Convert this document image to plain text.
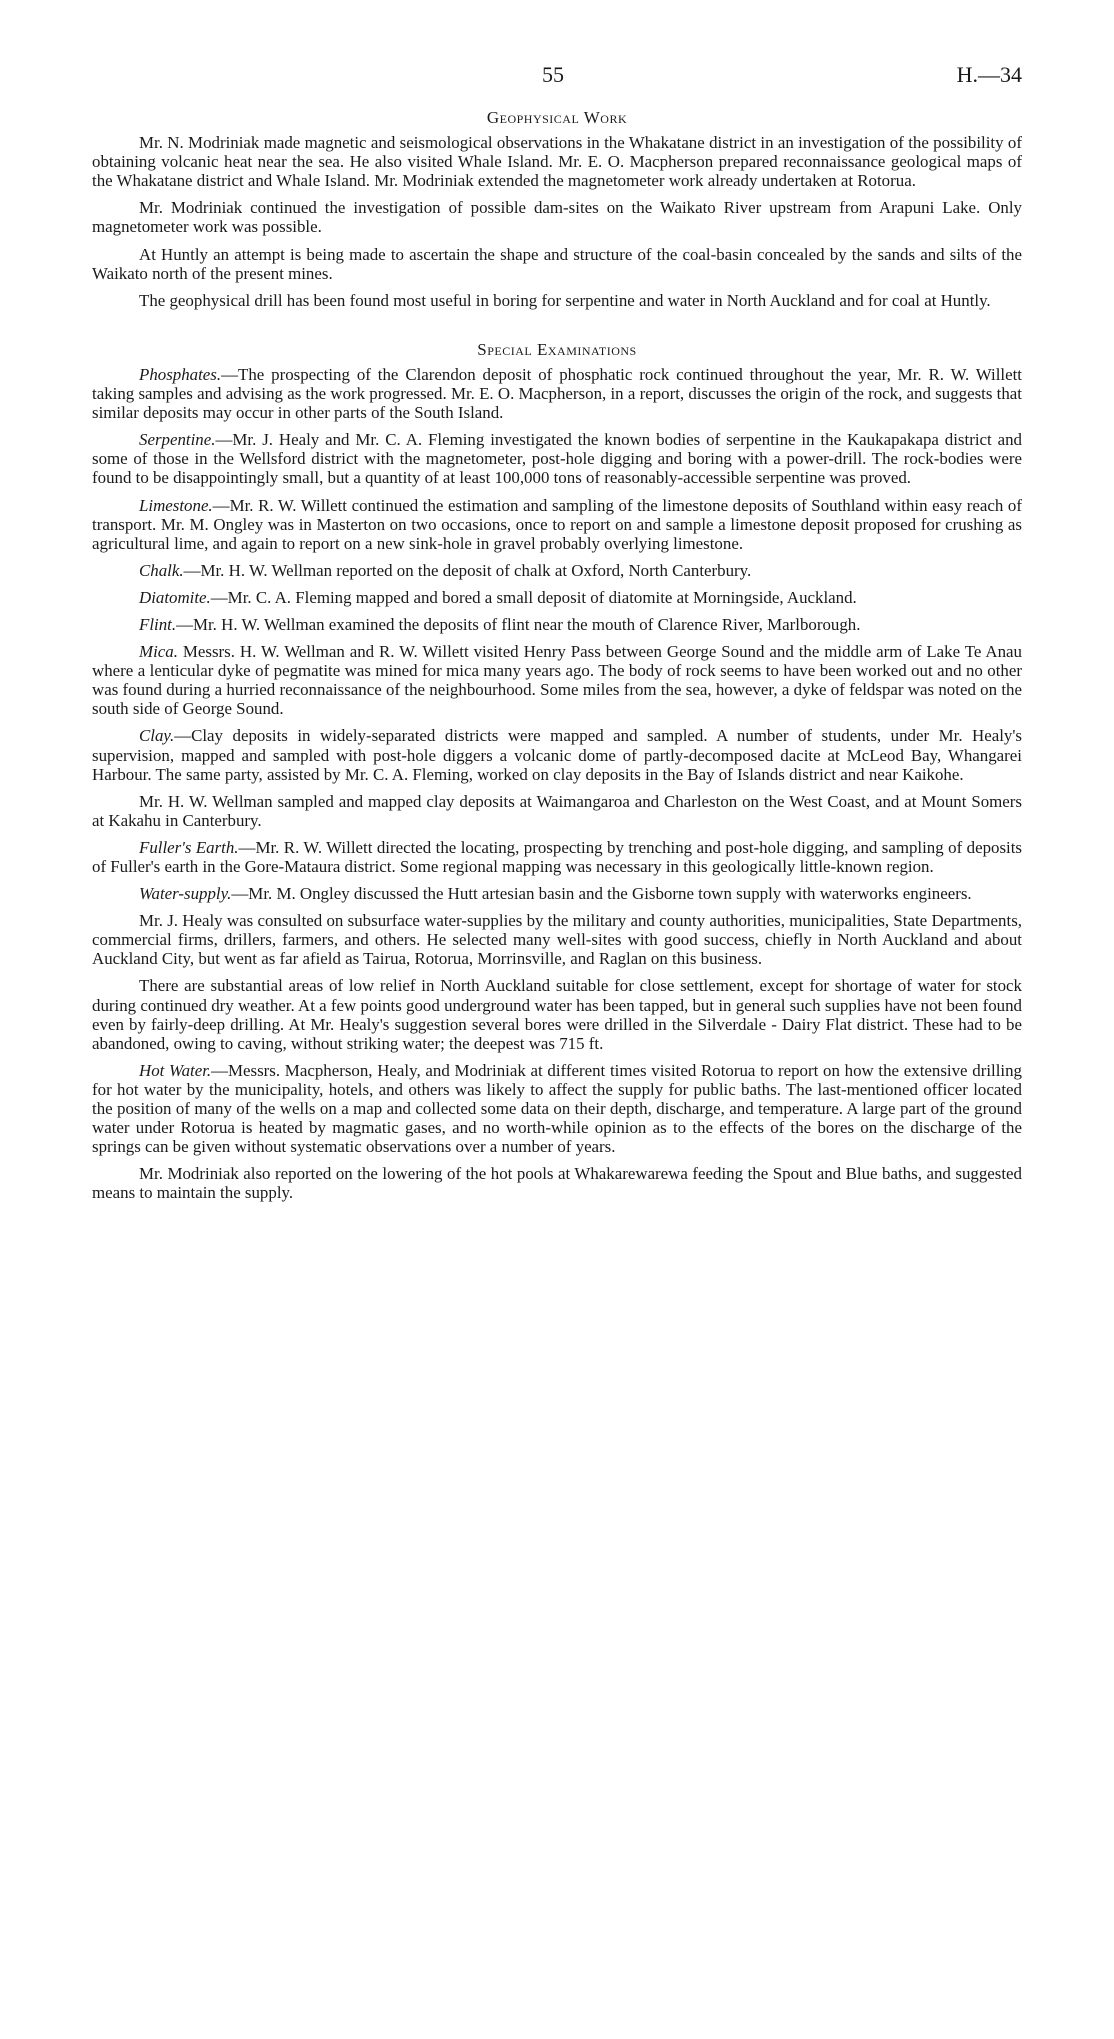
55	H.—34
Geophysical Work

Mr. N. Modriniak made magnetic and seismological observations in the Whakatane district in an investigation of the possibility of obtaining volcanic heat near the sea. He also visited Whale Island. Mr. E. O. Macpherson prepared reconnaissance geological maps of the Whakatane district and Whale Island. Mr. Modriniak extended the magnetometer work already undertaken at Rotorua.

Mr. Modriniak continued the investigation of possible dam-sites on the Waikato River upstream from Arapuni Lake. Only magnetometer work was possible.

At Huntly an attempt is being made to ascertain the shape and structure of the coal-basin concealed by the sands and silts of the Waikato north of the present mines.

The geophysical drill has been found most useful in boring for serpentine and water in North Auckland and for coal at Huntly.

Special Examinations

Phosphates.—The prospecting of the Clarendon deposit of phosphatic rock continued throughout the year, Mr. R. W. Willett taking samples and advising as the work progressed. Mr. E. O. Macpherson, in a report, discusses the origin of the rock, and suggests that similar deposits may occur in other parts of the South Island.

Serpentine.—Mr. J. Healy and Mr. C. A. Fleming investigated the known bodies of serpentine in the Kaukapakapa district and some of those in the Wellsford district with the magnetometer, post-hole digging and boring with a power-drill. The rock-bodies were found to be disappointingly small, but a quantity of at least 100,000 tons of reasonably-accessible serpentine was proved.

Limestone.—Mr. R. W. Willett continued the estimation and sampling of the limestone deposits of Southland within easy reach of transport. Mr. M. Ongley was in Masterton on two occasions, once to report on and sample a limestone deposit proposed for crushing as agricultural lime, and again to report on a new sink-hole in gravel probably overlying limestone.

Chalk.—Mr. H. W. Wellman reported on the deposit of chalk at Oxford, North Canterbury.

Diatomite.—Mr. C. A. Fleming mapped and bored a small deposit of diatomite at Morningside, Auckland.

Flint.—Mr. H. W. Wellman examined the deposits of flint near the mouth of Clarence River, Marlborough.

Mica. Messrs. H. W. Wellman and R. W. Willett visited Henry Pass between George Sound and the middle arm of Lake Te Anau where a lenticular dyke of pegmatite was mined for mica many years ago. The body of rock seems to have been worked out and no other was found during a hurried reconnaissance of the neighbourhood. Some miles from the sea, however, a dyke of feldspar was noted on the south side of George Sound.

Clay.—Clay deposits in widely-separated districts were mapped and sampled. A number of students, under Mr. Healy's supervision, mapped and sampled with post-hole diggers a volcanic dome of partly-decomposed dacite at McLeod Bay, Whangarei Harbour. The same party, assisted by Mr. C. A. Fleming, worked on clay deposits in the Bay of Islands district and near Kaikohe.

Mr. H. W. Wellman sampled and mapped clay deposits at Waimangaroa and Charleston on the West Coast, and at Mount Somers at Kakahu in Canterbury.

Fuller's Earth.—Mr. R. W. Willett directed the locating, prospecting by trenching and post-hole digging, and sampling of deposits of Fuller's earth in the Gore-Mataura district. Some regional mapping was necessary in this geologically little-known region.

Water-supply.—Mr. M. Ongley discussed the Hutt artesian basin and the Gisborne town supply with waterworks engineers.

Mr. J. Healy was consulted on subsurface water-supplies by the military and county authorities, municipalities, State Departments, commercial firms, drillers, farmers, and others. He selected many well-sites with good success, chiefly in North Auckland and about Auckland City, but went as far afield as Tairua, Rotorua, Morrinsville, and Raglan on this business.

There are substantial areas of low relief in North Auckland suitable for close settlement, except for shortage of water for stock during continued dry weather. At a few points good underground water has been tapped, but in general such supplies have not been found even by fairly-deep drilling. At Mr. Healy's suggestion several bores were drilled in the Silverdale - Dairy Flat district. These had to be abandoned, owing to caving, without striking water; the deepest was 715 ft.

Hot Water.—Messrs. Macpherson, Healy, and Modriniak at different times visited Rotorua to report on how the extensive drilling for hot water by the municipality, hotels, and others was likely to affect the supply for public baths. The last-mentioned officer located the position of many of the wells on a map and collected some data on their depth, discharge, and temperature. A large part of the ground water under Rotorua is heated by magmatic gases, and no worth-while opinion as to the effects of the bores on the discharge of the springs can be given without systematic observations over a number of years.

Mr. Modriniak also reported on the lowering of the hot pools at Whakarewarewa feeding the Spout and Blue baths, and suggested means to maintain the supply.
